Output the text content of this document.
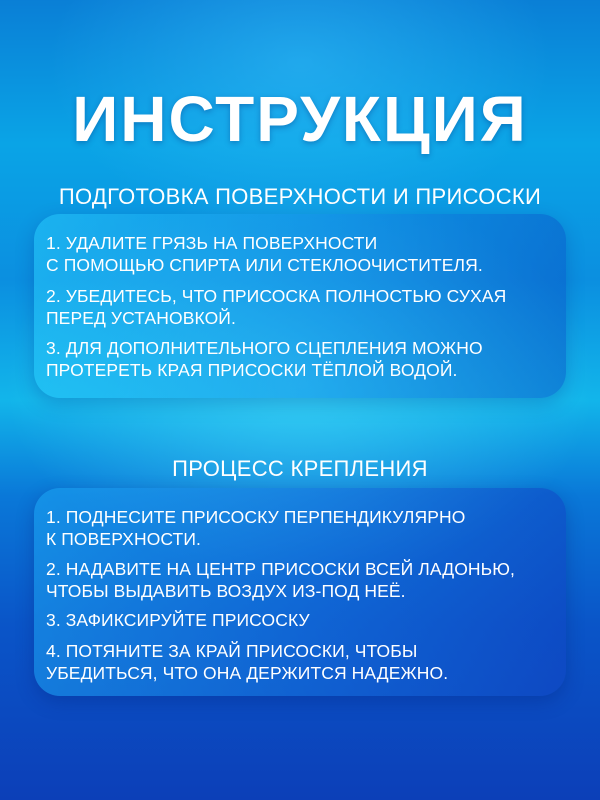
ИНСТРУКЦИЯ
ПОДГОТОВКА ПОВЕРХНОСТИ И ПРИСОСКИ
1. УДАЛИТЕ ГРЯЗЬ НА ПОВЕРХНОСТИ
С ПОМОЩЬЮ СПИРТА ИЛИ СТЕКЛООЧИСТИТЕЛЯ.
2. УБЕДИТЕСЬ, ЧТО ПРИСОСКА ПОЛНОСТЬЮ СУХАЯ
ПЕРЕД УСТАНОВКОЙ.
3. ДЛЯ ДОПОЛНИТЕЛЬНОГО СЦЕПЛЕНИЯ МОЖНО
ПРОТЕРЕТЬ КРАЯ ПРИСОСКИ ТЁПЛОЙ ВОДОЙ.
ПРОЦЕСС КРЕПЛЕНИЯ
1. ПОДНЕСИТЕ ПРИСОСКУ ПЕРПЕНДИКУЛЯРНО
К ПОВЕРХНОСТИ.
2. НАДАВИТЕ НА ЦЕНТР ПРИСОСКИ ВСЕЙ ЛАДОНЬЮ,
ЧТОБЫ ВЫДАВИТЬ ВОЗДУХ ИЗ-ПОД НЕЁ.
3. ЗАФИКСИРУЙТЕ ПРИСОСКУ
4. ПОТЯНИТЕ ЗА КРАЙ ПРИСОСКИ, ЧТОБЫ
УБЕДИТЬСЯ, ЧТО ОНА ДЕРЖИТСЯ НАДЕЖНО.
